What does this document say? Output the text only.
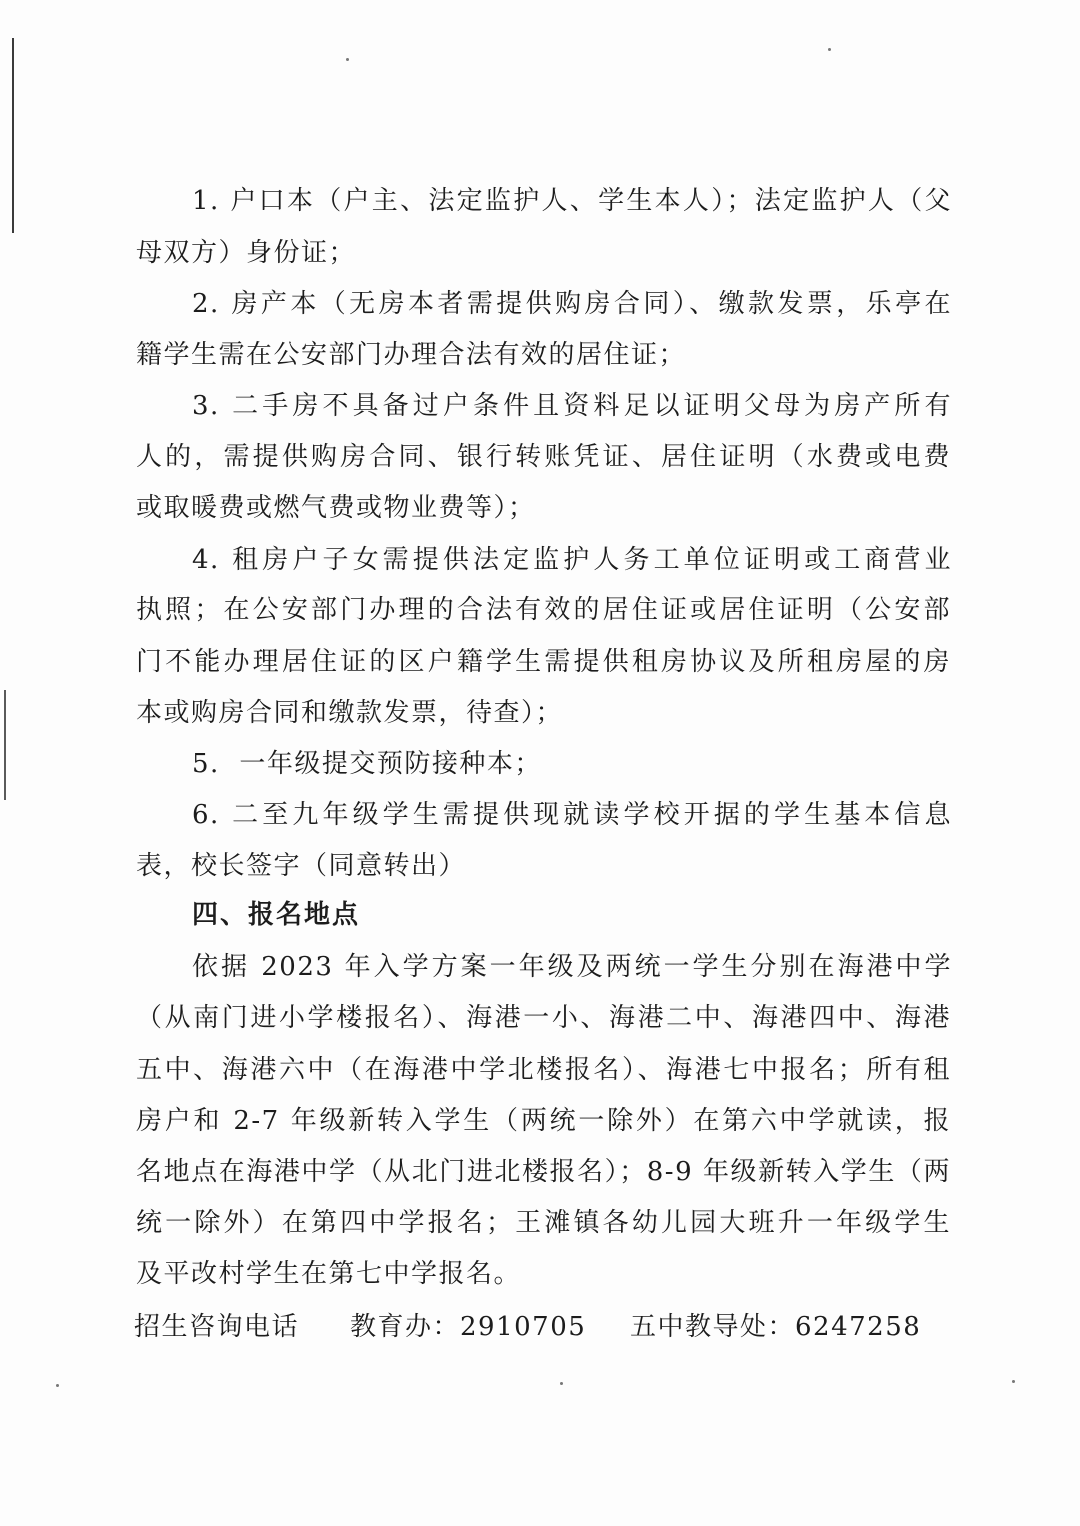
1. 户口本（户主、法定监护人、学生本人）；法定监护人（父
母双方）身份证；
2. 房产本（无房本者需提供购房合同）、缴款发票，乐亭在
籍学生需在公安部门办理合法有效的居住证；
3. 二手房不具备过户条件且资料足以证明父母为房产所有
人的，需提供购房合同、银行转账凭证、居住证明（水费或电费
或取暖费或燃气费或物业费等）；
4. 租房户子女需提供法定监护人务工单位证明或工商营业
执照；在公安部门办理的合法有效的居住证或居住证明（公安部
门不能办理居住证的区户籍学生需提供租房协议及所租房屋的房
本或购房合同和缴款发票，待查）；
5.  一年级提交预防接种本；
6. 二至九年级学生需提供现就读学校开据的学生基本信息
表，校长签字（同意转出）
四、报名地点
依据 2023 年入学方案一年级及两统一学生分别在海港中学
（从南门进小学楼报名）、海港一小、海港二中、海港四中、海港
五中、海港六中（在海港中学北楼报名）、海港七中报名；所有租
房户和 2-7 年级新转入学生（两统一除外）在第六中学就读，报
名地点在海港中学（从北门进北楼报名）；8-9 年级新转入学生（两
统一除外）在第四中学报名；王滩镇各幼儿园大班升一年级学生
及平改村学生在第七中学报名。
招生咨询电话 教育办：2910705 五中教导处：6247258
